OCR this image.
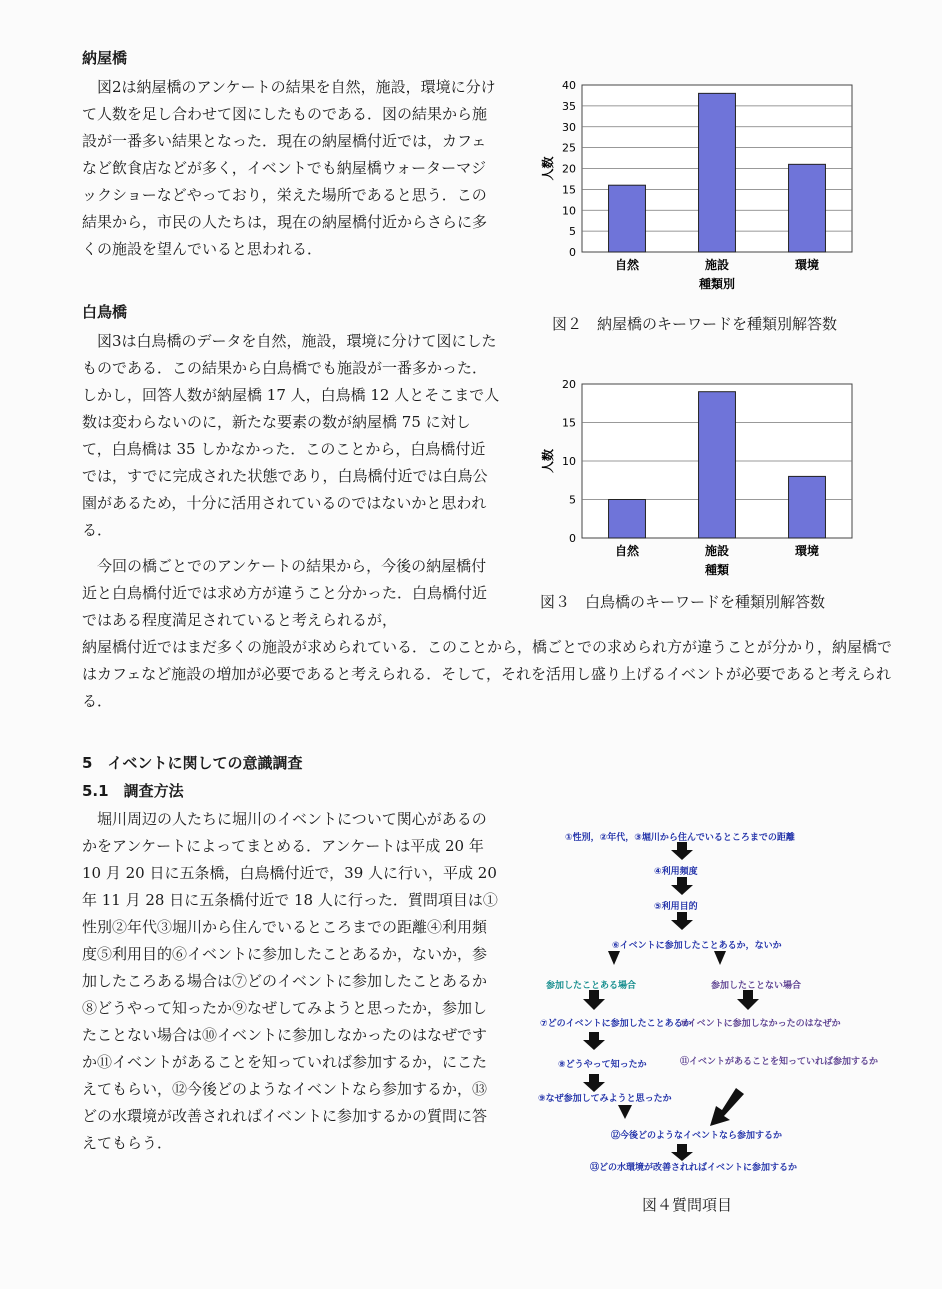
納屋橋

図2は納屋橋のアンケートの結果を自然，施設，環境に分けて人数を足し合わせて図にしたものである．図の結果から施設が一番多い結果となった．現在の納屋橋付近では，カフェなど飲食店などが多く，イベントでも納屋橋ウォーターマジックショーなどやっており，栄えた場所であると思う．この結果から，市民の人たちは，現在の納屋橋付近からさらに多くの施設を望んでいると思われる．

白鳥橋

図3は白鳥橋のデータを自然，施設，環境に分けて図にしたものである．この結果から白鳥橋でも施設が一番多かった．しかし，回答人数が納屋橋 17 人，白鳥橋 12 人とそこまで人数は変わらないのに，新たな要素の数が納屋橋 75 に対して，白鳥橋は 35 しかなかった．このことから，白鳥橋付近では，すでに完成された状態であり，白鳥橋付近では白鳥公園があるため，十分に活用されているのではないかと思われる．

今回の橋ごとでのアンケートの結果から，今後の納屋橋付近と白鳥橋付近では求め方が違うこと分かった．白鳥橋付近ではある程度満足されていると考えられるが，

納屋橋付近ではまだ多くの施設が求められている．このことから，橋ごとでの求められ方が違うことが分かり，納屋橋ではカフェなど施設の増加が必要であると考えられる．そして，それを活用し盛り上げるイベントが必要であると考えられる．

5　イベントに関しての意識調査
5.1　調査方法

堀川周辺の人たちに堀川のイベントについて関心があるのかをアンケートによってまとめる．アンケートは平成 20 年 10 月 20 日に五条橋，白鳥橋付近で，39 人に行い，平成 20 年 11 月 28 日に五条橋付近で 18 人に行った．質問項目は①性別②年代③堀川から住んでいるところまでの距離④利用頻度⑤利用目的⑥イベントに参加したことあるか，ないか，参加したころある場合は⑦どのイベントに参加したことあるか⑧どうやって知ったか⑨なぜしてみようと思ったか，参加したことない場合は⑩イベントに参加しなかったのはなぜですか⑪イベントがあることを知っていれば参加するか，にこたえてもらい，⑫今後どのようなイベントなら参加するか，⑬どの水環境が改善されればイベントに参加するかの質問に答えてもらう．

0
5
10
15
20
25
30
35
40
自然	施設	環境
種類別
人数
図２　納屋橋のキーワードを種類別解答数
0
5
10
15
20
自然	施設	環境
種類
人数
図３　白鳥橋のキーワードを種類別解答数
①性別，②年代，③堀川から住んでいるところまでの距離
④利用頻度
⑤利用目的
⑥イベントに参加したことあるか，ないか
参加したことある場合	参加したことない場合
⑦どのイベントに参加したことあるか
⑩イベントに参加しなかったのはなぜか
⑧どうやって知ったか	⑪イベントがあることを知っていれば参加するか
⑨なぜ参加してみようと思ったか
⑫今後どのようなイベントなら参加するか
⑬どの水環境が改善されればイベントに参加するか
図４質問項目
